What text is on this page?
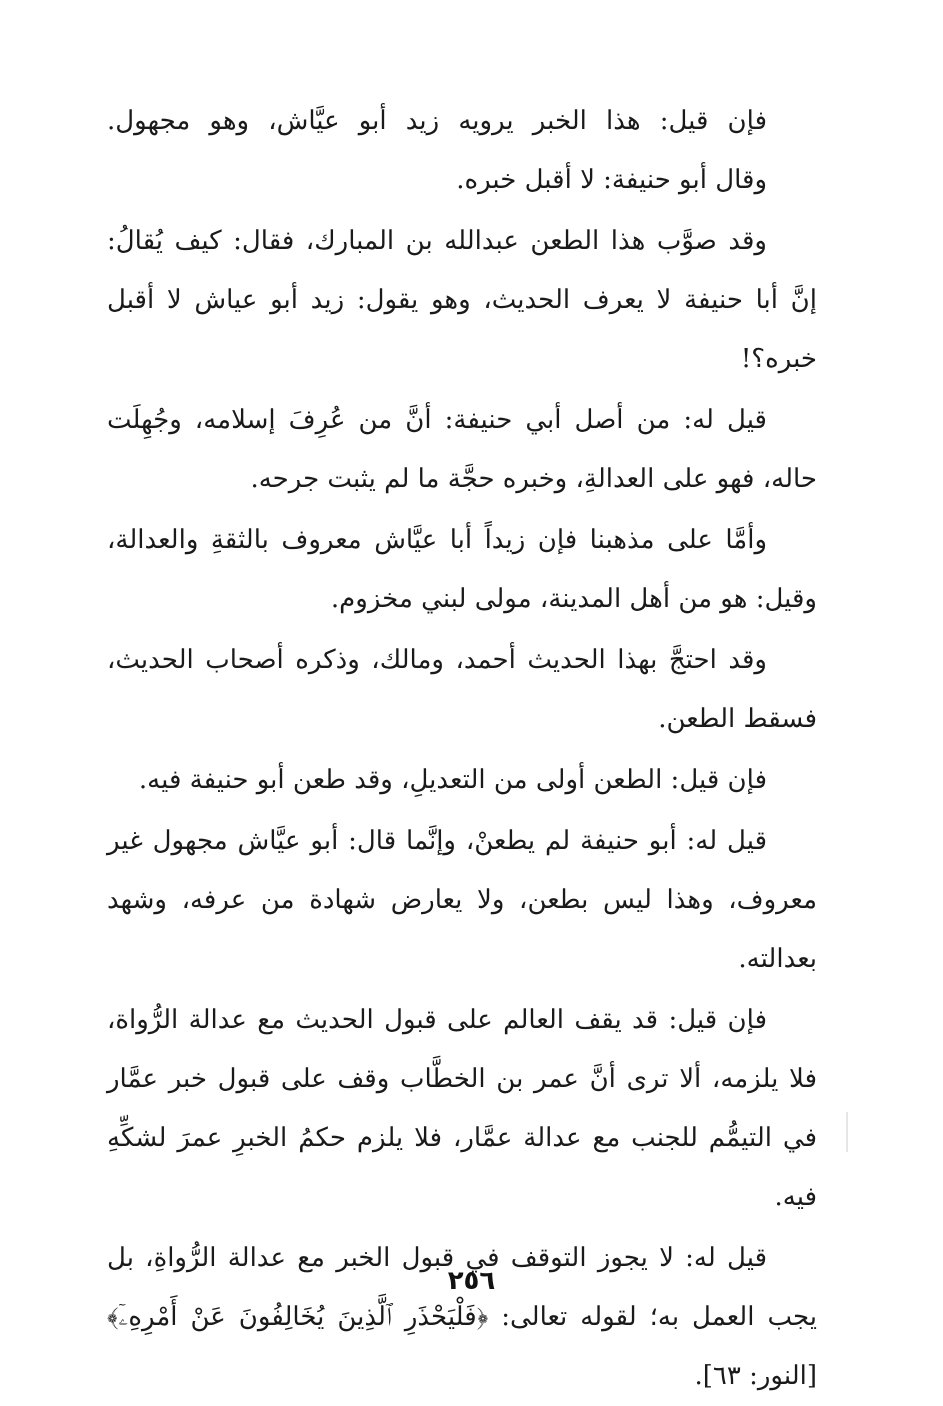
فإن قيل: هذا الخبر يرويه زيد أبو عيَّاش، وهو مجهول.

وقال أبو حنيفة: لا أقبل خبره.

وقد صوَّب هذا الطعن عبدالله بن المبارك، فقال: كيف يُقالُ: إنَّ أبا حنيفة لا يعرف الحديث، وهو يقول: زيد أبو عياش لا أقبل خبره؟!

قيل له: من أصل أبي حنيفة: أنَّ من عُرِفَ إسلامه، وجُهِلَت حاله، فهو على العدالةِ، وخبره حجَّة ما لم يثبت جرحه.

وأمَّا على مذهبنا فإن زيداً أبا عيَّاش معروف بالثقةِ والعدالة، وقيل: هو من أهل المدينة، مولى لبني مخزوم.

وقد احتجَّ بهذا الحديث أحمد، ومالك، وذكره أصحاب الحديث، فسقط الطعن.

فإن قيل: الطعن أولى من التعديلِ، وقد طعن أبو حنيفة فيه.

قيل له: أبو حنيفة لم يطعنْ، وإنَّما قال: أبو عيَّاش مجهول غير معروف، وهذا ليس بطعن، ولا يعارض شهادة من عرفه، وشهد بعدالته.

فإن قيل: قد يقف العالم على قبول الحديث مع عدالة الرُّواة، فلا يلزمه، ألا ترى أنَّ عمر بن الخطَّاب وقف على قبول خبر عمَّار في التيمُّم للجنب مع عدالة عمَّار، فلا يلزم حكمُ الخبرِ عمرَ لشكِّهِ فيه.

قيل له: لا يجوز التوقف في قبول الخبر مع عدالة الرُّواةِ، بل يجب العمل به؛ لقوله تعالى: ﴿فَلْيَحْذَرِ ٱلَّذِينَ يُخَالِفُونَ عَنْ أَمْرِهِۦٓ﴾[النور: ٦٣].

٢٥٦
